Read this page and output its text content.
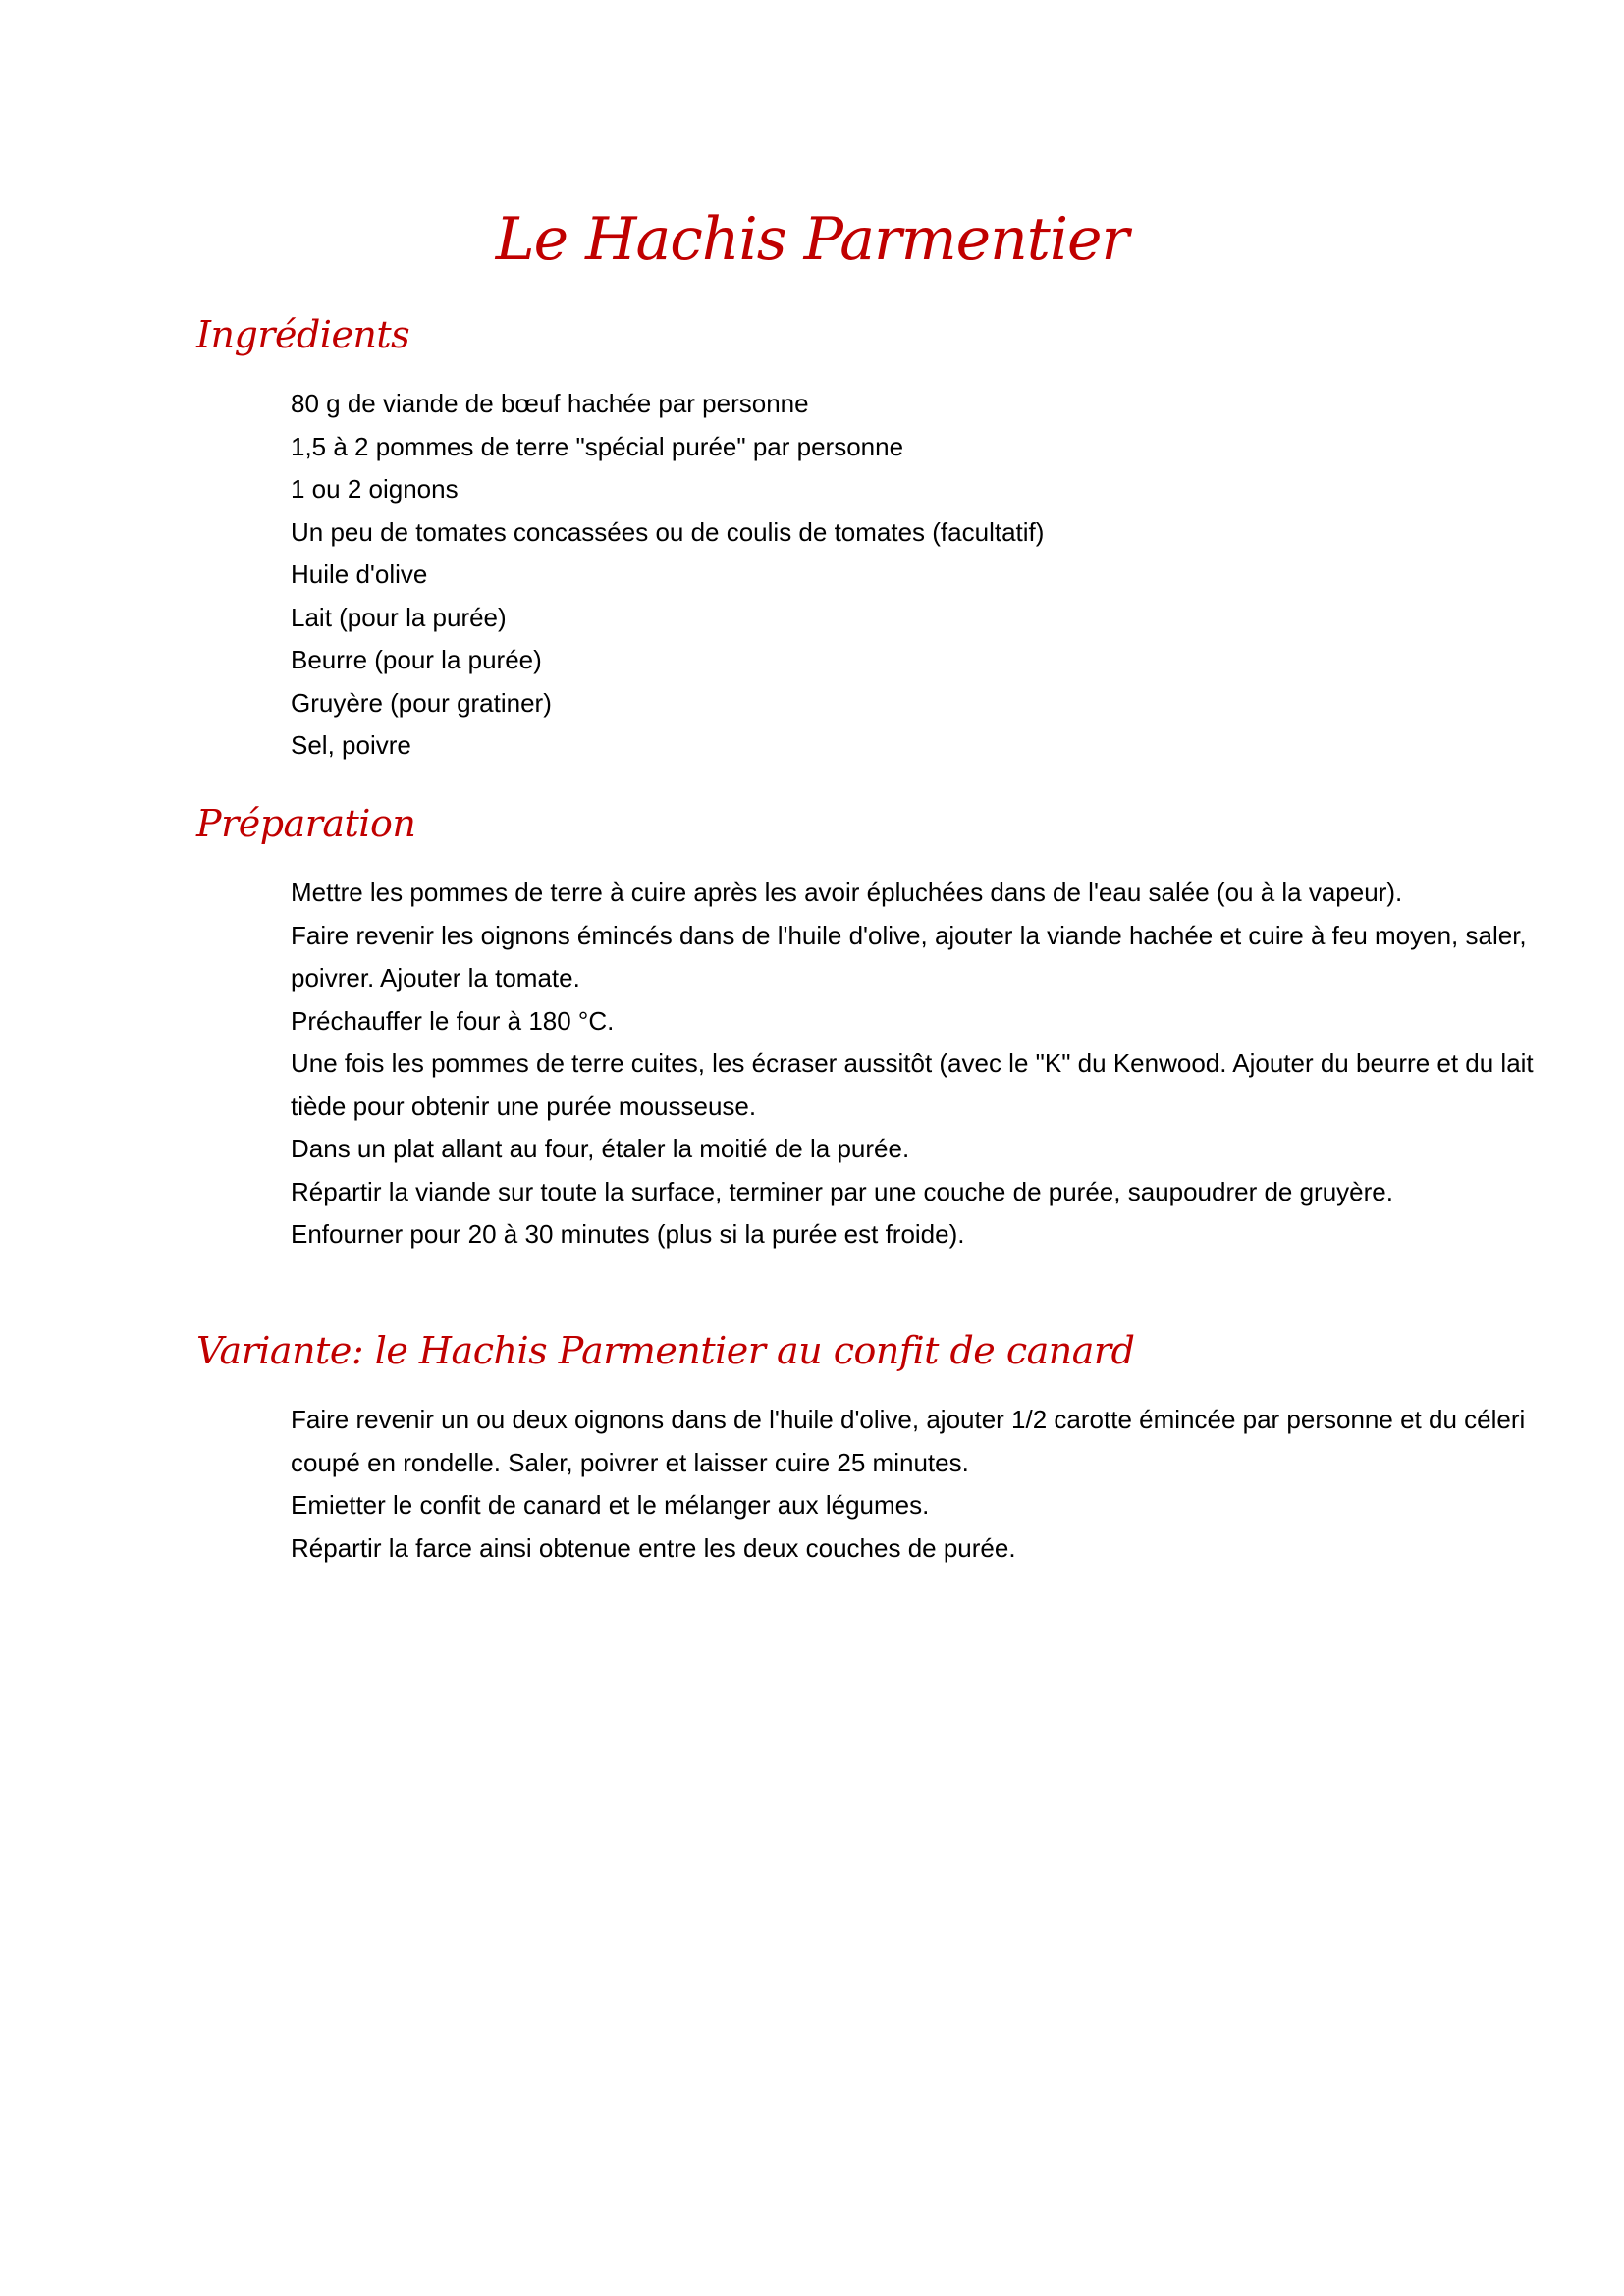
Le Hachis Parmentier
Ingrédients
80 g de viande de bœuf hachée par personne
1,5 à 2 pommes de terre "spécial purée" par personne
1 ou 2 oignons
Un peu de tomates concassées ou de coulis de tomates (facultatif)
Huile d'olive
Lait (pour la purée)
Beurre (pour la purée)
Gruyère (pour gratiner)
Sel, poivre
Préparation

Mettre les pommes de terre à cuire après les avoir épluchées dans de l'eau salée (ou à la vapeur).

Faire revenir les oignons émincés dans de l'huile d'olive, ajouter la viande hachée et cuire à feu moyen, saler, poivrer. Ajouter la tomate.

Préchauffer le four à 180 °C.

Une fois les pommes de terre cuites, les écraser aussitôt (avec le "K" du Kenwood. Ajouter du beurre et du lait tiède pour obtenir une purée mousseuse.

Dans un plat allant au four, étaler la moitié de la purée.

Répartir la viande sur toute la surface, terminer par une couche de purée, saupoudrer de gruyère.

Enfourner pour 20 à 30 minutes (plus si la purée est froide).

Variante: le Hachis Parmentier au confit de canard

Faire revenir un ou deux oignons dans de l'huile d'olive, ajouter 1/2 carotte émincée par personne et du céleri coupé en rondelle. Saler, poivrer et laisser cuire 25 minutes.

Emietter le confit de canard et le mélanger aux légumes.

Répartir la farce ainsi obtenue entre les deux couches de purée.
